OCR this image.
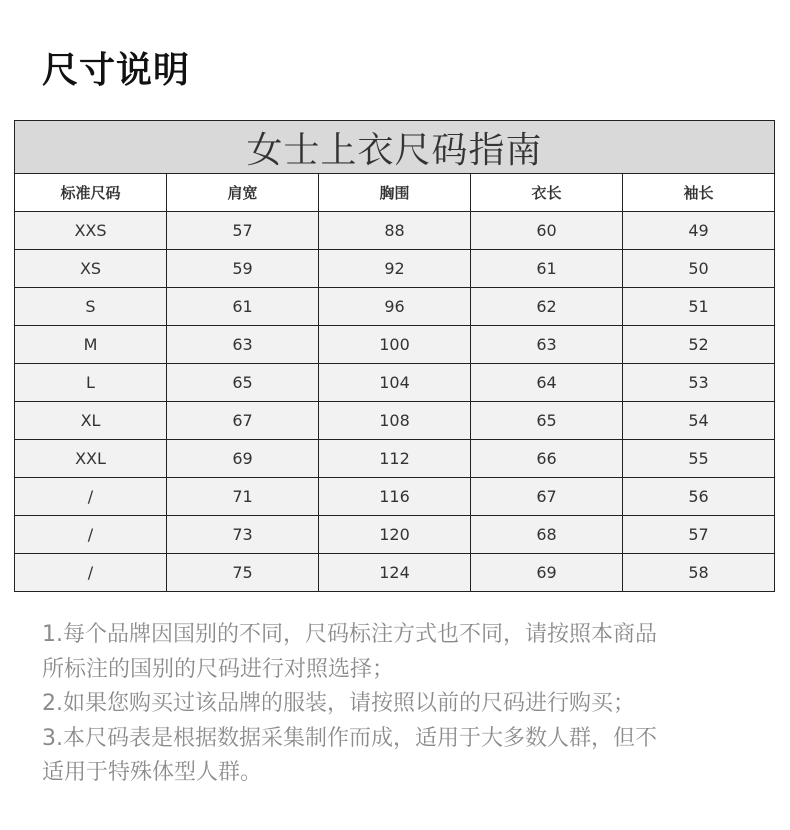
尺寸说明
女士上衣尺码指南				
标准尺码	肩宽	胸围	衣长	袖长
XXS	57	88	60	49
XS	59	92	61	50
S	61	96	62	51
M	63	100	63	52
L	65	104	64	53
XL	67	108	65	54
XXL	69	112	66	55
/	71	116	67	56
/	73	120	68	57
/	75	124	69	58
1.每个品牌因国别的不同，尺码标注方式也不同，请按照本商品
所标注的国别的尺码进行对照选择；
2.如果您购买过该品牌的服装，请按照以前的尺码进行购买；
3.本尺码表是根据数据采集制作而成，适用于大多数人群，但不
适用于特殊体型人群。
